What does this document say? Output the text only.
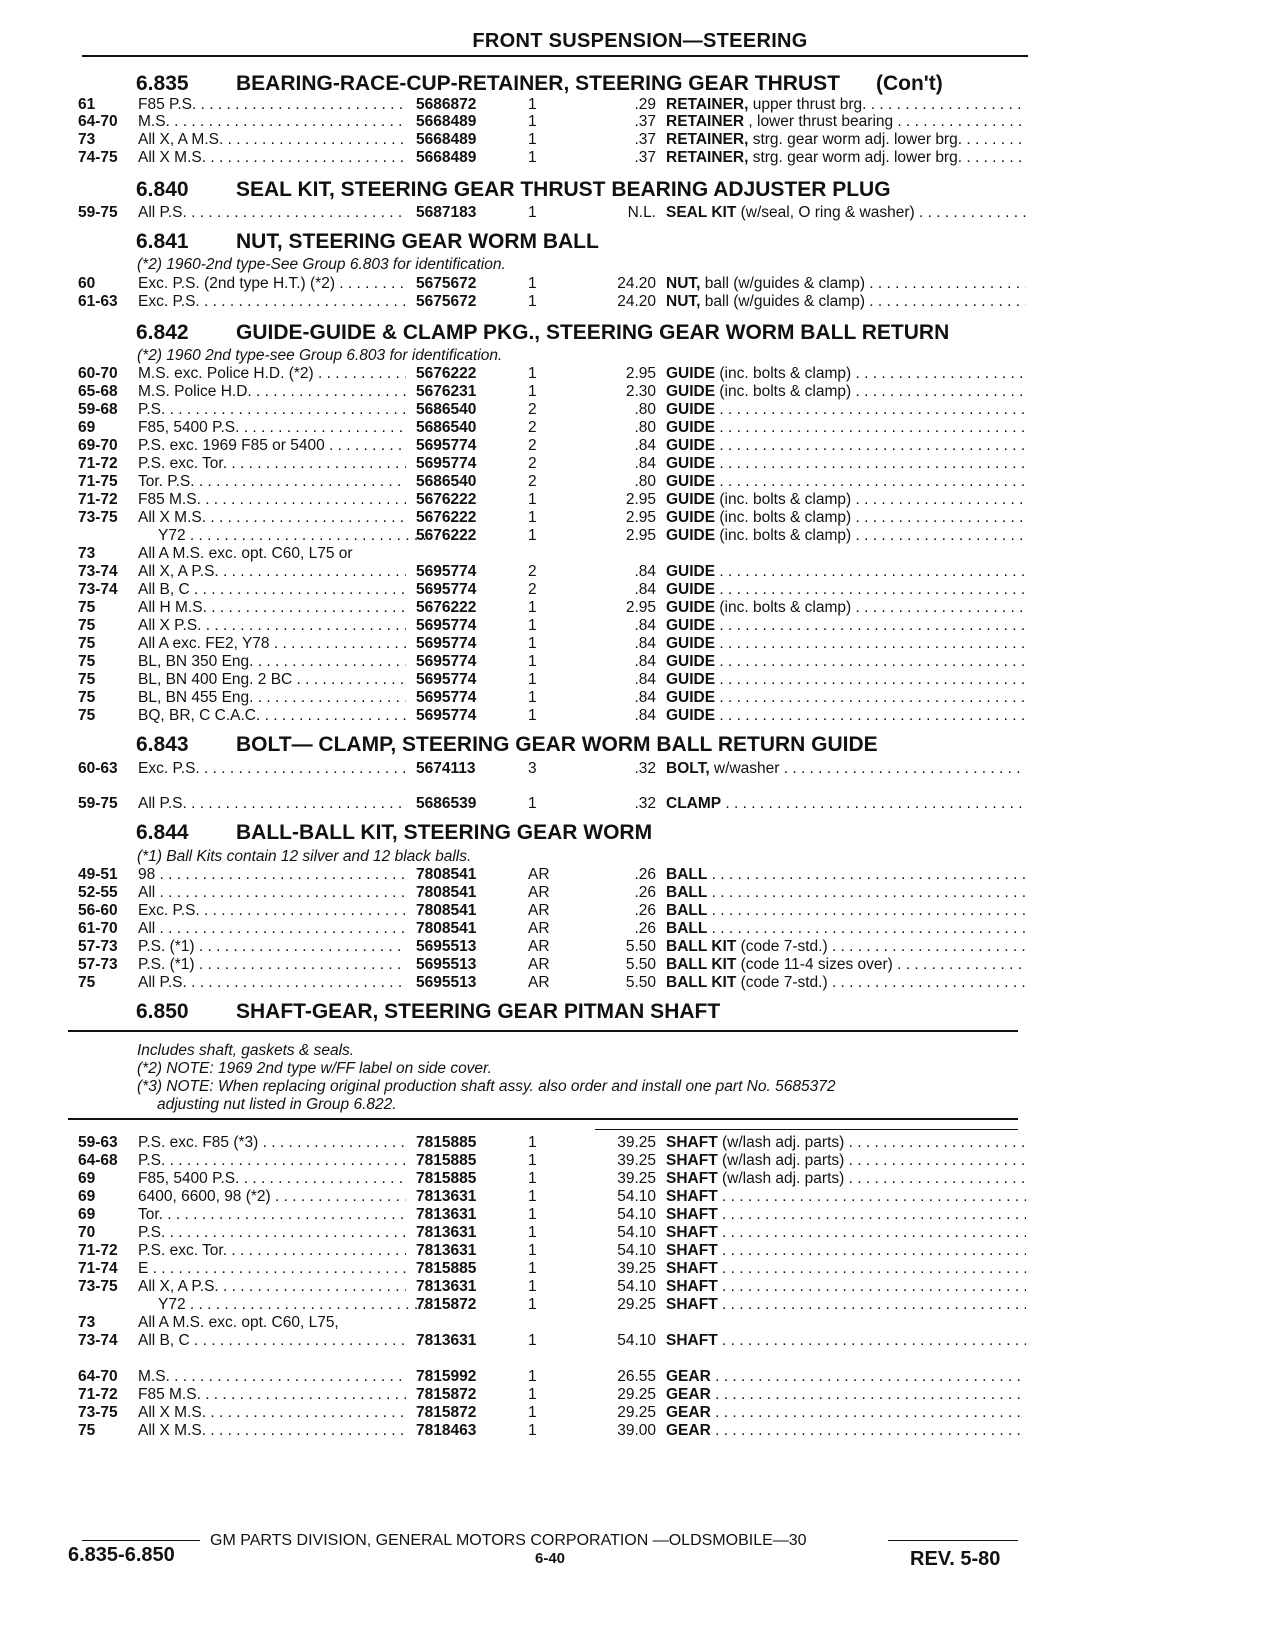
FRONT SUSPENSION—STEERING
6.835 BEARING-RACE-CUP-RETAINER, STEERING GEAR THRUST (Con't)
61	F85 P.S. . . .	5686872	1	.29 RETAINER, upper thrust brg. . . .
64-70	M.S. . . .	5668489	1	.37 RETAINER , lower thrust bearing . . .
73	All X, A M.S. . . .	5668489	1	.37 RETAINER, strg. gear worm adj. lower brg. . . .
74-75	All X M.S. . . .	5668489	1	.37 RETAINER, strg. gear worm adj. lower brg. . . .
6.840 SEAL KIT, STEERING GEAR THRUST BEARING ADJUSTER PLUG
59-75	All P.S. . . .	5687183	1	N.L. SEAL KIT (w/seal, O ring & washer) . . .
6.841 NUT, STEERING GEAR WORM BALL
(*2) 1960-2nd type-See Group 6.803 for identification.
60	Exc. P.S. (2nd type H.T.) (*2) . . .	5675672	1	24.20 NUT, ball (w/guides & clamp) . . .
61-63	Exc. P.S. . . .	5675672	1	24.20 NUT, ball (w/guides & clamp) . . .
6.842 GUIDE-GUIDE & CLAMP PKG., STEERING GEAR WORM BALL RETURN
(*2) 1960 2nd type-see Group 6.803 for identification.
60-70	M.S. exc. Police H.D. (*2) . . .	5676222	1	2.95 GUIDE (inc. bolts & clamp) . . .
65-68	M.S. Police H.D. . . .	5676231	1	2.30 GUIDE (inc. bolts & clamp) . . .
59-68	P.S. . . .	5686540	2	.80 GUIDE . . .
69	F85, 5400 P.S. . . .	5686540	2	.80 GUIDE . . .
69-70	P.S. exc. 1969 F85 or 5400 . . .	5695774	2	.84 GUIDE . . .
71-72	P.S. exc. Tor. . . .	5695774	2	.84 GUIDE . . .
71-75	Tor. P.S. . . .	5686540	2	.80 GUIDE . . .
71-72	F85 M.S. . . .	5676222	1	2.95 GUIDE (inc. bolts & clamp) . . .
73-75	All X M.S. . . .	5676222	1	2.95 GUIDE (inc. bolts & clamp) . . .
73	All A M.S. exc. opt. C60, L75 or
Y72 . . .	5676222	1	2.95 GUIDE (inc. bolts & clamp) . . .
73-74	All X, A P.S. . . .	5695774	2	.84 GUIDE . . .
73-74	All B, C . . .	5695774	2	.84 GUIDE . . .
75	All H M.S. . . .	5676222	1	2.95 GUIDE (inc. bolts & clamp) . . .
75	All X P.S. . . .	5695774	1	.84 GUIDE . . .
75	All A exc. FE2, Y78 . . .	5695774	1	.84 GUIDE . . .
75	BL, BN 350 Eng. . . .	5695774	1	.84 GUIDE . . .
75	BL, BN 400 Eng. 2 BC . . .	5695774	1	.84 GUIDE . . .
75	BL, BN 455 Eng. . . .	5695774	1	.84 GUIDE . . .
75	BQ, BR, C C.A.C. . . .	5695774	1	.84 GUIDE . . .
6.843 BOLT— CLAMP, STEERING GEAR WORM BALL RETURN GUIDE
60-63	Exc. P.S. . . .	5674113	3	.32 BOLT, w/washer . . .
59-75	All P.S. . . .	5686539	1	.32 CLAMP . . .
6.844 BALL-BALL KIT, STEERING GEAR WORM
(*1) Ball Kits contain 12 silver and 12 black balls.
49-51	98 . . .	7808541	AR	.26 BALL . . .
52-55	All . . .	7808541	AR	.26 BALL . . .
56-60	Exc. P.S. . . .	7808541	AR	.26 BALL . . .
61-70	All . . .	7808541	AR	.26 BALL . . .
57-73	P.S. (*1) . . .	5695513	AR	5.50 BALL KIT (code 7-std.) . . .
57-73	P.S. (*1) . . .	5695513	AR	5.50 BALL KIT (code 11-4 sizes over) . . .
75	All P.S. . . .	5695513	AR	5.50 BALL KIT (code 7-std.) . . .
6.850 SHAFT-GEAR, STEERING GEAR PITMAN SHAFT
Includes shaft, gaskets & seals.
(*2) NOTE: 1969 2nd type w/FF label on side cover.
(*3) NOTE: When replacing original production shaft assy. also order and install one part No. 5685372
adjusting nut listed in Group 6.822.
59-63	P.S. exc. F85 (*3) . . .	7815885	1	39.25 SHAFT (w/lash adj. parts) . . .
64-68	P.S. . . .	7815885	1	39.25 SHAFT (w/lash adj. parts) . . .
69	F85, 5400 P.S. . . .	7815885	1	39.25 SHAFT (w/lash adj. parts) . . .
69	6400, 6600, 98 (*2) . . .	7813631	1	54.10 SHAFT . . .
69	Tor. . . .	7813631	1	54.10 SHAFT . . .
70	P.S. . . .	7813631	1	54.10 SHAFT . . .
71-72	P.S. exc. Tor. . . .	7813631	1	54.10 SHAFT . . .
71-74	E . . .	7815885	1	39.25 SHAFT . . .
73-75	All X, A P.S. . . .	7813631	1	54.10 SHAFT . . .
73	All A M.S. exc. opt. C60, L75,
Y72 . . .	7815872	1	29.25 SHAFT . . .
73-74	All B, C . . .	7813631	1	54.10 SHAFT . . .
64-70	M.S. . . .	7815992	1	26.55 GEAR . . .
71-72	F85 M.S. . . .	7815872	1	29.25 GEAR . . .
73-75	All X M.S. . . .	7815872	1	29.25 GEAR . . .
75	All X M.S. . . .	7818463	1	39.00 GEAR . . .
GM PARTS DIVISION, GENERAL MOTORS CORPORATION —OLDSMOBILE—30
6.835-6.850	6-40	REV. 5-80
